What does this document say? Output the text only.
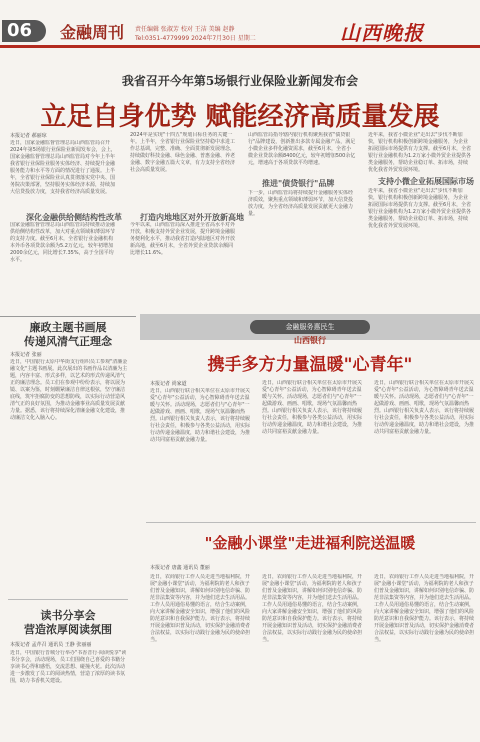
06	金融周刊 责任编辑 张淑芳 校对 王洁 美编 赵静
Tel:0351-4779999 2024年7月30日 星期二	山西晚报
我省召开今年第5场银行业保险业新闻发布会
立足自身优势 赋能经济高质量发展
本报记者 郝丽琼
近日，国家金融监督管理总局山西监管局召开2024年第5场银行业保险业新闻发布会，会上，国家金融监督管理总局山西监管局对今年上半年我省银行业保险业服务实体经济、持续提升金融服务能力和水平等方面的情况进行了通报。上半年，全省银行业保险业认真贯彻落实党中央、国务院决策部署，坚持服务实体经济本源，持续加大信贷投放力度，支持我省经济高质量发展。
深化金融供给侧结构性改革
国家金融监督管理总局山西监管局持续推动金融供给侧结构性改革，加大对重点领域和薄弱环节的支持力度。截至6月末，全省银行业金融机构本外币各项贷款余额为5.2万亿元，较年初增加2000余亿元，同比增长7.35%，高于全国平均水平。
2024年是实现"十四五"规划目标任务的关键一年。上半年，全省银行业保险业坚持稳中求进工作总基调，完整、准确、全面贯彻新发展理念，持续做好科技金融、绿色金融、普惠金融、养老金融、数字金融五篇大文章，有力支持全省经济社会高质量发展。
打造内地地区对外开放新高地
今年以来，山西监管局深入推进全省高水平对外开放，积极支持外贸企业发展，提升跨境金融服务便利化水平，推动我省打造内陆地区对外开放新高地，截至6月末，全省外贸企业贷款余额同比增长11.6%。
山西监管局指导辖内银行机构聚焦我省"债贷银行"品牌建设，创新推出多款专属金融产品，满足小微企业多样化融资需求，截至6月末，全省小微企业贷款余额8400亿元，较年初增加500余亿元，增速高于各项贷款平均增速。
推进"债贷银行"品牌
下一步，山西监管局将持续提升金融服务实体经济质效，聚焦重点领域和薄弱环节，加大信贷投放力度，为全省经济高质量发展贡献更大金融力量。
支持小微企业拓展国际市场
近年来，我省小微企业"走出去"步伐不断加快，银行机构积极创新跨境金融服务，为企业拓展国际市场提供有力支撑。截至6月末，全省银行业金融机构为1.2万家小微外贸企业提供各类金融服务，帮助企业稳订单、拓市场，持续优化我省外贸发展环境。
近年来，我省小微企业"走出去"步伐不断加快，银行机构积极创新跨境金融服务，为企业拓展国际市场提供有力支撑。截至6月末，全省银行业金融机构为1.2万家小微外贸企业提供各类金融服务，帮助企业稳订单、拓市场，持续优化我省外贸发展环境。
廉政主题书画展
传递风清气正理念
本报记者 张丽
近日，中国银行太原中华街支行组织员工参观"清廉金融文化"主题书画展。此次展出的书画作品以清廉为主题，内容丰富、形式多样，以艺术的形式传递风清气正的廉洁理念。员工们在参观中纷纷表示，将以展为镜、以案为鉴，时刻绷紧廉洁自律这根弦，坚守廉洁底线，筑牢拒腐防变的思想防线，以实际行动营造风清气正的良好氛围，为推动金融事业高质量发展贡献力量。据悉，该行将持续深化清廉金融文化建设，推动廉洁文化入脑入心。
读书分享会
营造浓厚阅读氛围
本报记者 孟芹召 通讯员 王静 张丽丽
近日，中国银行晋城分行举办"书香晋行·阅读悦享"读书分享会，活动现场，员工们围绕自己喜爱的书籍分享读书心得和感悟，交流思想、碰撞火花。此次活动进一步激发了员工的阅读热情，营造了浓厚的读书氛围，助力书香机关建设。
金融服务惠民生
山西银行
携手多方力量温暖"心青年"
本报记者 尚家道
近日，山西银行联合相关单位在太原市开展关爱"心青年"公益活动，为心智障碍青年送去温暖与关怀。活动现场，志愿者们与"心青年"一起做游戏、画画、唱歌，现场气氛温馨而热烈。山西银行相关负责人表示，该行将持续履行社会责任，积极参与各类公益活动，用实际行动传递金融温度，助力和谐社会建设，为推动共同富裕贡献金融力量。
近日，山西银行联合相关单位在太原市开展关爱"心青年"公益活动，为心智障碍青年送去温暖与关怀。活动现场，志愿者们与"心青年"一起做游戏、画画、唱歌，现场气氛温馨而热烈。山西银行相关负责人表示，该行将持续履行社会责任，积极参与各类公益活动，用实际行动传递金融温度，助力和谐社会建设，为推动共同富裕贡献金融力量。
近日，山西银行联合相关单位在太原市开展关爱"心青年"公益活动，为心智障碍青年送去温暖与关怀。活动现场，志愿者们与"心青年"一起做游戏、画画、唱歌，现场气氛温馨而热烈。山西银行相关负责人表示，该行将持续履行社会责任，积极参与各类公益活动，用实际行动传递金融温度，助力和谐社会建设，为推动共同富裕贡献金融力量。
"金融小课堂"走进福利院送温暖
本报记者 唐鑫 通讯员 董丽
近日，农商银行工作人员走进当地福利院，开展"金融小课堂"活动，为福利院的老人和孩子们普及金融知识，讲解如何识别电信诈骗、防范非法集资等内容，并为他们送去生活用品。工作人员用通俗易懂的语言，结合生动案例，向大家讲解金融安全知识，增强了他们的风险防范意识和自我保护能力。该行表示，将持续开展金融知识普及活动，切实保护金融消费者合法权益，以实际行动践行金融为民的使命担当。
近日，农商银行工作人员走进当地福利院，开展"金融小课堂"活动，为福利院的老人和孩子们普及金融知识，讲解如何识别电信诈骗、防范非法集资等内容，并为他们送去生活用品。工作人员用通俗易懂的语言，结合生动案例，向大家讲解金融安全知识，增强了他们的风险防范意识和自我保护能力。该行表示，将持续开展金融知识普及活动，切实保护金融消费者合法权益，以实际行动践行金融为民的使命担当。
近日，农商银行工作人员走进当地福利院，开展"金融小课堂"活动，为福利院的老人和孩子们普及金融知识，讲解如何识别电信诈骗、防范非法集资等内容，并为他们送去生活用品。工作人员用通俗易懂的语言，结合生动案例，向大家讲解金融安全知识，增强了他们的风险防范意识和自我保护能力。该行表示，将持续开展金融知识普及活动，切实保护金融消费者合法权益，以实际行动践行金融为民的使命担当。
